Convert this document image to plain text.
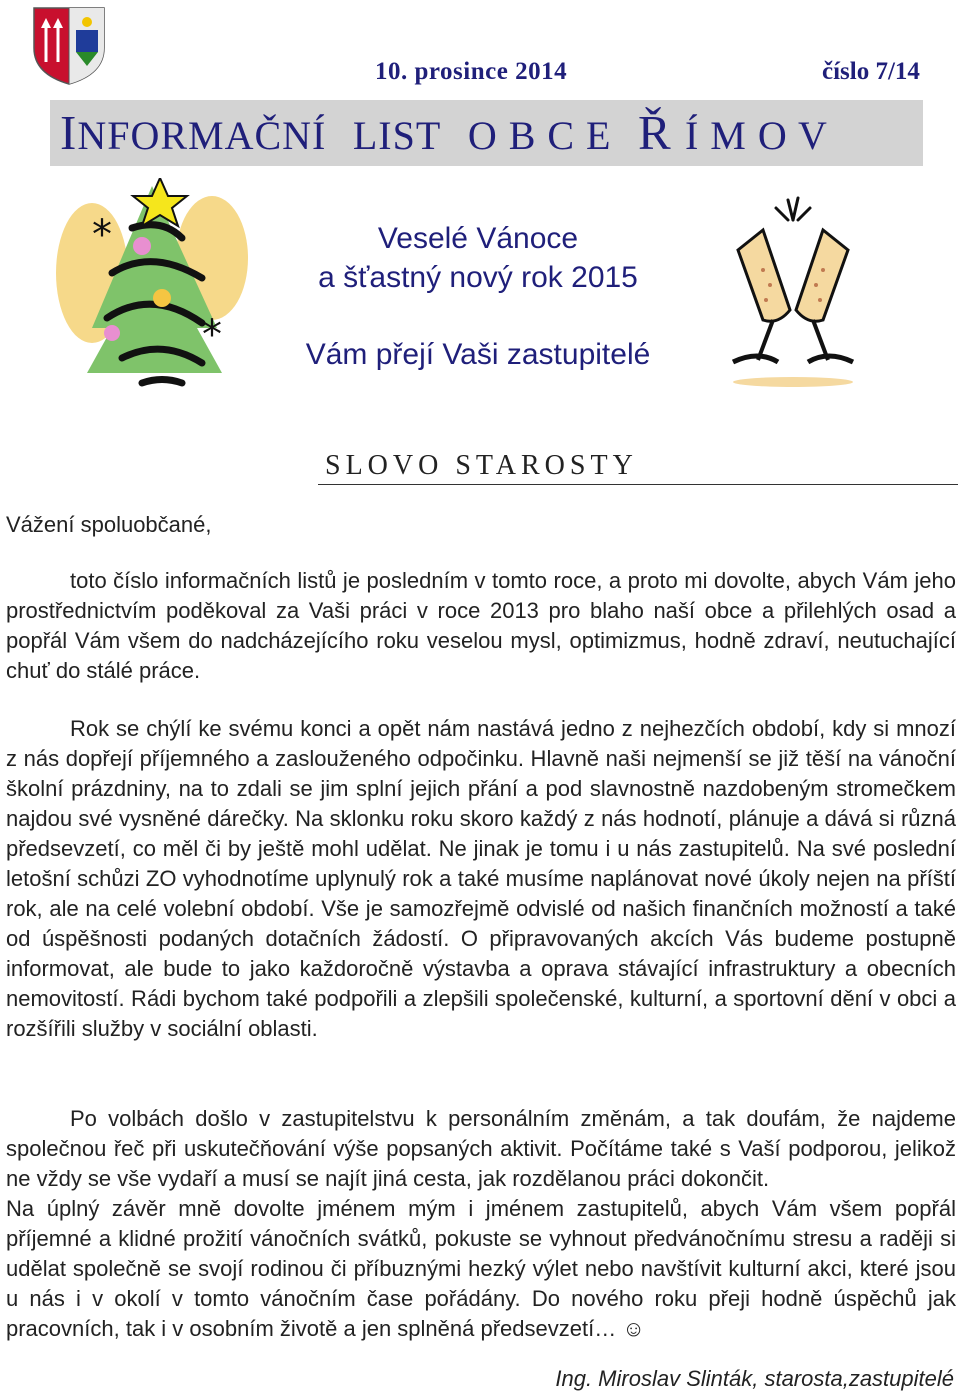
10. prosince 2014	číslo 7/14
INFORMAČNÍ LIST O B C E Ř Í M O V
*
*
Veselé Vánoce
a šťastný nový rok 2015
Vám přejí Vaši zastupitelé
SLOVO STAROSTY
Vážení spoluobčané,

toto číslo informačních listů je posledním v tomto roce, a proto mi dovolte, abych Vám jeho prostřednictvím poděkoval za Vaši práci v roce 2013 pro blaho naší obce a přilehlých osad a popřál Vám všem do nadcházejícího roku veselou mysl, optimizmus, hodně zdraví, neutuchající chuť do stálé práce.

Rok se chýlí ke svému konci a opět nám nastává jedno z nejhezčích období, kdy si mnozí z nás dopřejí příjemného a zaslouženého odpočinku. Hlavně naši nejmenší se již těší na vánoční školní prázdniny, na to zdali se jim splní jejich přání a pod slavnostně nazdobeným stromečkem najdou své vysněné dárečky. Na sklonku roku skoro každý z nás hodnotí, plánuje a dává si různá předsevzetí, co měl či by ještě mohl udělat. Ne jinak je tomu i u nás zastupitelů. Na své poslední letošní schůzi ZO vyhodnotíme uplynulý rok a také musíme naplánovat nové úkoly nejen na příští rok, ale na celé volební období. Vše je samozřejmě odvislé od našich finančních možností a také od úspěšnosti podaných dotačních žádostí. O připravovaných akcích Vás budeme postupně informovat, ale bude to jako každoročně výstavba a oprava stávající infrastruktury a obecních nemovitostí. Rádi bychom také podpořili a zlepšili společenské, kulturní, a sportovní dění v obci a rozšířili služby v sociální oblasti.

Po volbách došlo v zastupitelstvu k personálním změnám, a tak doufám, že najdeme společnou řeč při uskutečňování výše popsaných aktivit. Počítáme také s Vaší podporou, jelikož ne vždy se vše vydaří a musí se najít jiná cesta, jak rozdělanou práci dokončit.

Na úplný závěr mně dovolte jménem mým i jménem zastupitelů, abych Vám všem popřál příjemné a klidné prožití vánočních svátků, pokuste se vyhnout předvánočnímu stresu a raději si udělat společně se svojí rodinou či příbuznými hezký výlet nebo navštívit kulturní akci, které jsou u nás i v okolí v tomto vánočním čase pořádány. Do nového roku přeji hodně úspěchů jak pracovních, tak i v osobním životě a jen splněná předsevzetí… ☺

Ing. Miroslav Slinták, starosta,zastupitelé
